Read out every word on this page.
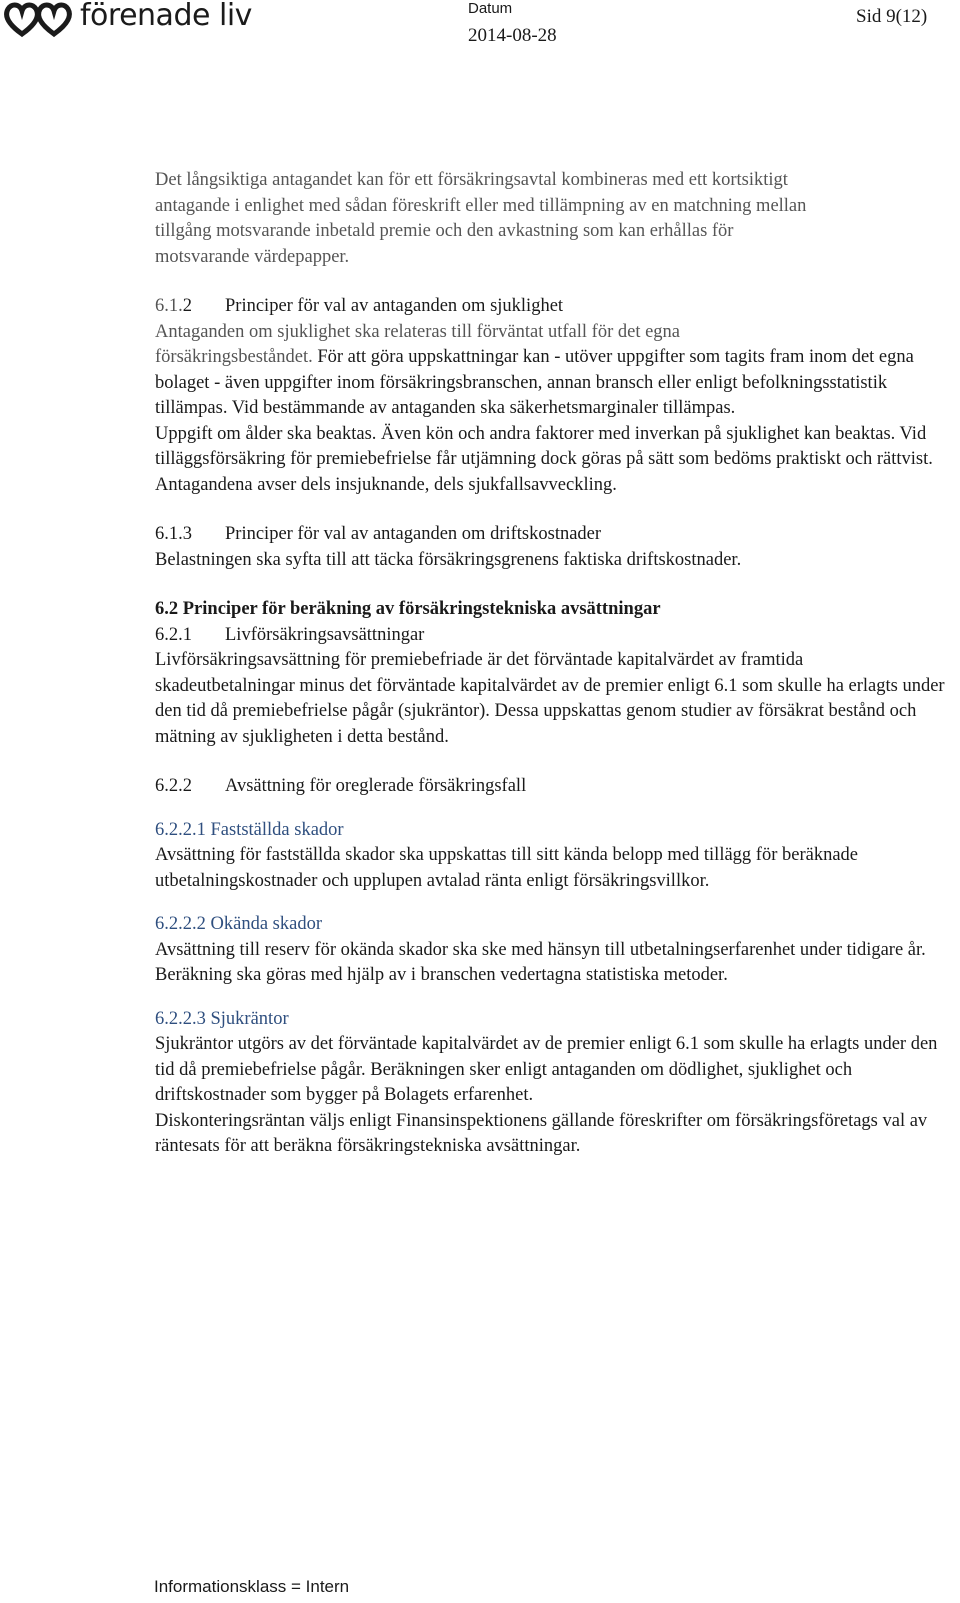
förenade liv	Datum
2014-08-28
Sid 9(12)
Det långsiktiga antagandet kan för ett försäkringsavtal kombineras med ett kortsiktigt
antagande i enlighet med sådan föreskrift eller med tillämpning av en matchning mellan
tillgång motsvarande inbetald premie och den avkastning som kan erhållas för
motsvarande värdepapper.
6.1.2 Principer för val av antaganden om sjuklighet
Antaganden om sjuklighet ska relateras till förväntat utfall för det egna

försäkringsbeståndet. För att göra uppskattningar kan - utöver uppgifter som tagits fram inom det egna bolaget - även uppgifter inom försäkringsbranschen, annan bransch eller enligt befolkningsstatistik tillämpas. Vid bestämmande av antaganden ska säkerhetsmarginaler tillämpas.

Uppgift om ålder ska beaktas. Även kön och andra faktorer med inverkan på sjuklighet kan beaktas. Vid tilläggsförsäkring för premiebefrielse får utjämning dock göras på sätt som bedöms praktiskt och rättvist.

Antagandena avser dels insjuknande, dels sjukfallsavveckling.

6.1.3 Principer för val av antaganden om driftskostnader

Belastningen ska syfta till att täcka försäkringsgrenens faktiska driftskostnader.

6.2 Principer för beräkning av försäkringstekniska avsättningar
6.2.1 Livförsäkringsavsättningar

Livförsäkringsavsättning för premiebefriade är det förväntade kapitalvärdet av framtida skadeutbetalningar minus det förväntade kapitalvärdet av de premier enligt 6.1 som skulle ha erlagts under den tid då premiebefrielse pågår (sjukräntor). Dessa uppskattas genom studier av försäkrat bestånd och mätning av sjukligheten i detta bestånd.

6.2.2 Avsättning för oreglerade försäkringsfall
6.2.2.1 Fastställda skador

Avsättning för fastställda skador ska uppskattas till sitt kända belopp med tillägg för beräknade utbetalningskostnader och upplupen avtalad ränta enligt försäkringsvillkor.

6.2.2.2 Okända skador

Avsättning till reserv för okända skador ska ske med hänsyn till utbetalningserfarenhet under tidigare år. Beräkning ska göras med hjälp av i branschen vedertagna statistiska metoder.

6.2.2.3 Sjukräntor

Sjukräntor utgörs av det förväntade kapitalvärdet av de premier enligt 6.1 som skulle ha erlagts under den tid då premiebefrielse pågår. Beräkningen sker enligt antaganden om dödlighet, sjuklighet och driftskostnader som bygger på Bolagets erfarenhet.

Diskonteringsräntan väljs enligt Finansinspektionens gällande föreskrifter om försäkringsföretags val av räntesats för att beräkna försäkringstekniska avsättningar.

Informationsklass = Intern
